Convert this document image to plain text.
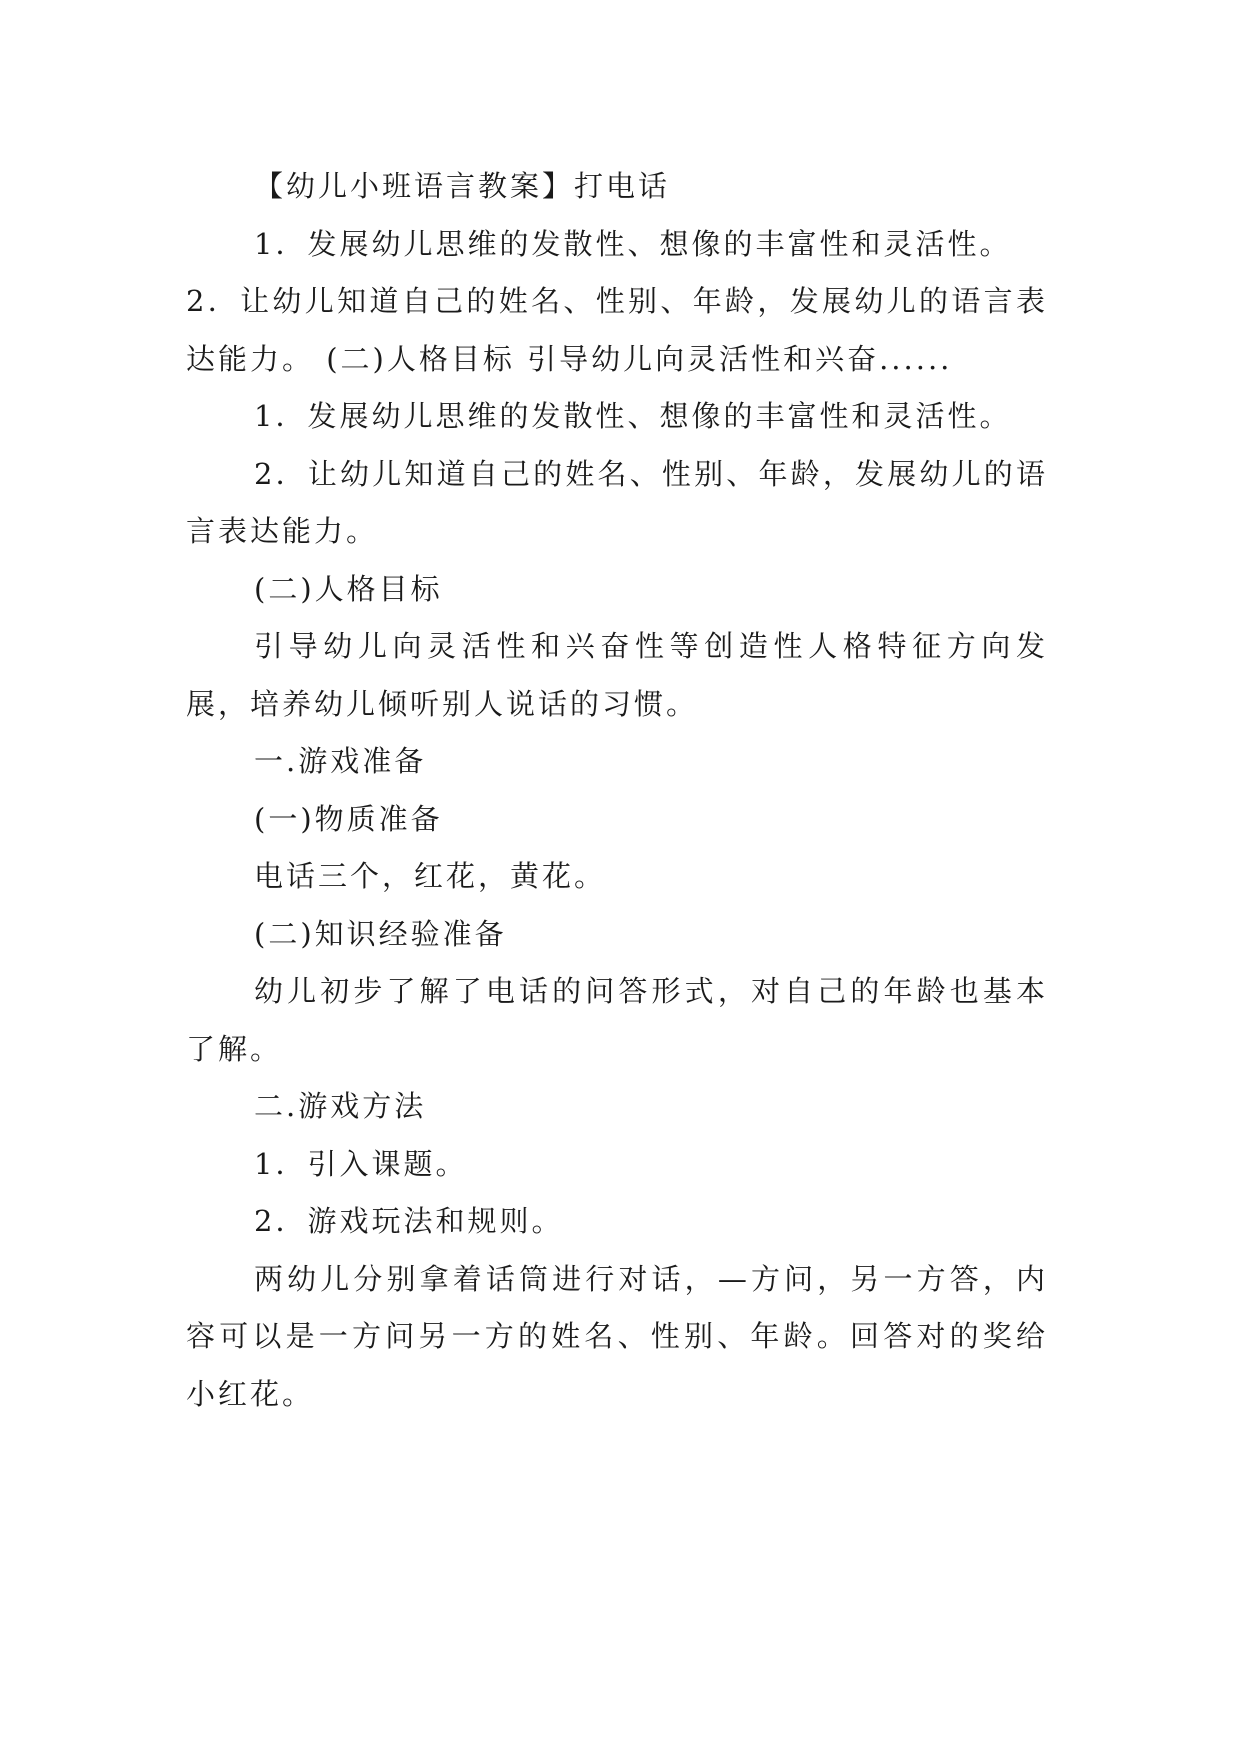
【幼儿小班语言教案】打电话

1．发展幼儿思维的发散性、想像的丰富性和灵活性。

2．让幼儿知道自己的姓名、性别、年龄，发展幼儿的语言表达能力。 (二)人格目标 引导幼儿向灵活性和兴奋......

1．发展幼儿思维的发散性、想像的丰富性和灵活性。

2．让幼儿知道自己的姓名、性别、年龄，发展幼儿的语言表达能力。

(二)人格目标

引导幼儿向灵活性和兴奋性等创造性人格特征方向发展，培养幼儿倾听别人说话的习惯。

一.游戏准备

(一)物质准备

电话三个，红花，黄花。

(二)知识经验准备

幼儿初步了解了电话的问答形式，对自己的年龄也基本了解。

二.游戏方法

1．引入课题。

2．游戏玩法和规则。

两幼儿分别拿着话筒进行对话，—方问，另一方答，内容可以是一方问另一方的姓名、性别、年龄。回答对的奖给小红花。
